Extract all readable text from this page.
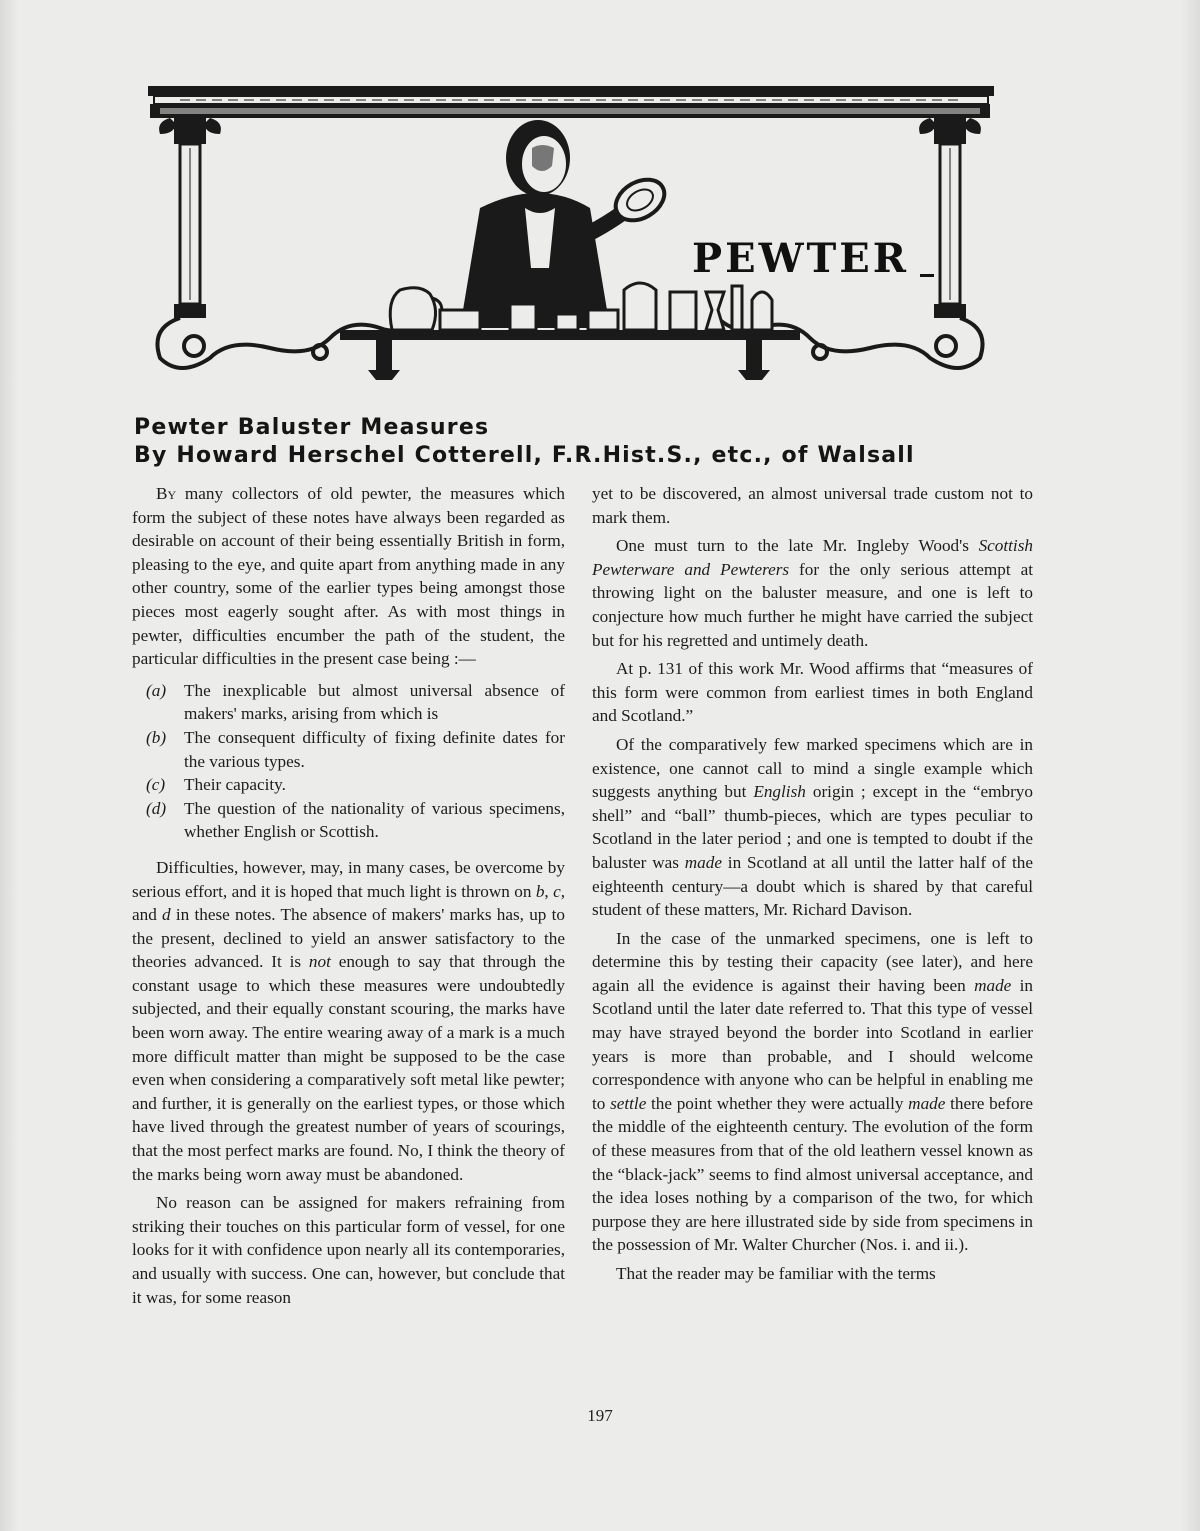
PEWTER
Pewter Baluster Measures
By Howard Herschel Cotterell, F.R.Hist.S., etc., of Walsall

By many collectors of old pewter, the measures which form the subject of these notes have always been regarded as desirable on account of their being essentially British in form, pleasing to the eye, and quite apart from anything made in any other country, some of the earlier types being amongst those pieces most eagerly sought after. As with most things in pewter, difficulties encumber the path of the student, the particular difficulties in the present case being :—

(a)	The inexplicable but almost universal absence of makers' marks, arising from which is
(b)	The consequent difficulty of fixing definite dates for the various types.
(c)	Their capacity.
(d)	The question of the nationality of various specimens, whether English or Scottish.

Difficulties, however, may, in many cases, be overcome by serious effort, and it is hoped that much light is thrown on b, c, and d in these notes. The absence of makers' marks has, up to the present, declined to yield an answer satisfactory to the theories advanced. It is not enough to say that through the constant usage to which these measures were undoubtedly subjected, and their equally constant scouring, the marks have been worn away. The entire wearing away of a mark is a much more difficult matter than might be supposed to be the case even when considering a comparatively soft metal like pewter; and further, it is generally on the earliest types, or those which have lived through the greatest number of years of scourings, that the most perfect marks are found. No, I think the theory of the marks being worn away must be abandoned.

No reason can be assigned for makers refraining from striking their touches on this particular form of vessel, for one looks for it with confidence upon nearly all its contemporaries, and usually with success. One can, however, but conclude that it was, for some reason

yet to be discovered, an almost universal trade custom not to mark them.

One must turn to the late Mr. Ingleby Wood's Scottish Pewterware and Pewterers for the only serious attempt at throwing light on the baluster measure, and one is left to conjecture how much further he might have carried the subject but for his regretted and untimely death.

At p. 131 of this work Mr. Wood affirms that “measures of this form were common from earliest times in both England and Scotland.”

Of the comparatively few marked specimens which are in existence, one cannot call to mind a single example which suggests anything but English origin ; except in the “embryo shell” and “ball” thumb-pieces, which are types peculiar to Scotland in the later period ; and one is tempted to doubt if the baluster was made in Scotland at all until the latter half of the eighteenth century—a doubt which is shared by that careful student of these matters, Mr. Richard Davison.

In the case of the unmarked specimens, one is left to determine this by testing their capacity (see later), and here again all the evidence is against their having been made in Scotland until the later date referred to. That this type of vessel may have strayed beyond the border into Scotland in earlier years is more than probable, and I should welcome correspondence with anyone who can be helpful in enabling me to settle the point whether they were actually made there before the middle of the eighteenth century. The evolution of the form of these measures from that of the old leathern vessel known as the “black-jack” seems to find almost universal acceptance, and the idea loses nothing by a comparison of the two, for which purpose they are here illustrated side by side from specimens in the possession of Mr. Walter Churcher (Nos. i. and ii.).

That the reader may be familiar with the terms

197
